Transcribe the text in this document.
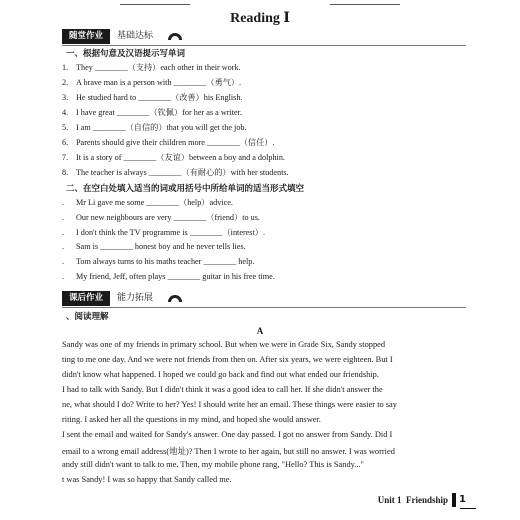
Reading Ⅰ
随堂作业	基础达标
一、根据句意及汉语提示写单词
1. They ________（支持）each other in their work.
2. A brave man is a person with ________（勇气）.
3. He studied hard to ________（改善）his English.
4. I have great ________（钦佩）for her as a writer.
5. I am ________（自信的）that you will get the job.
6. Parents should give their children more ________（信任）.
7. It is a story of ________（友谊）between a boy and a dolphin.
8. The teacher is always ________（有耐心的）with her students.
二、在空白处填入适当的词或用括号中所给单词的适当形式填空
. Mr Li gave me some ________（help）advice.
. Our new neighbours are very ________（friend）to us.
. I don't think the TV programme is ________（interest）.
. Sam is ________ honest boy and he never tells lies.
. Tom always turns to his maths teacher ________ help.
. My friend, Jeff, often plays ________ guitar in his free time.
课后作业	能力拓展
、阅读理解
A
Sandy was one of my friends in primary school. But when we were in Grade Six, Sandy stopped
ting to me one day. And we were not friends from then on. After six years, we were eighteen. But I
didn't know what happened. I hoped we could go back and find out what ended our friendship.
I had to talk with Sandy. But I didn't think it was a good idea to call her. If she didn't answer the
ne, what should I do? Write to her? Yes! I should write her an email. These things were easier to say
riting. I asked her all the questions in my mind, and hoped she would answer.
I sent the email and waited for Sandy's answer. One day passed. I got no answer from Sandy. Did I
email to a wrong email address(地址)? Then I wrote to her again, but still no answer. I was worried
andy still didn't want to talk to me. Then, my mobile phone rang, "Hello? This is Sandy..."
t was Sandy! I was so happy that Sandy called me.
Unit 1 Friendship 1
